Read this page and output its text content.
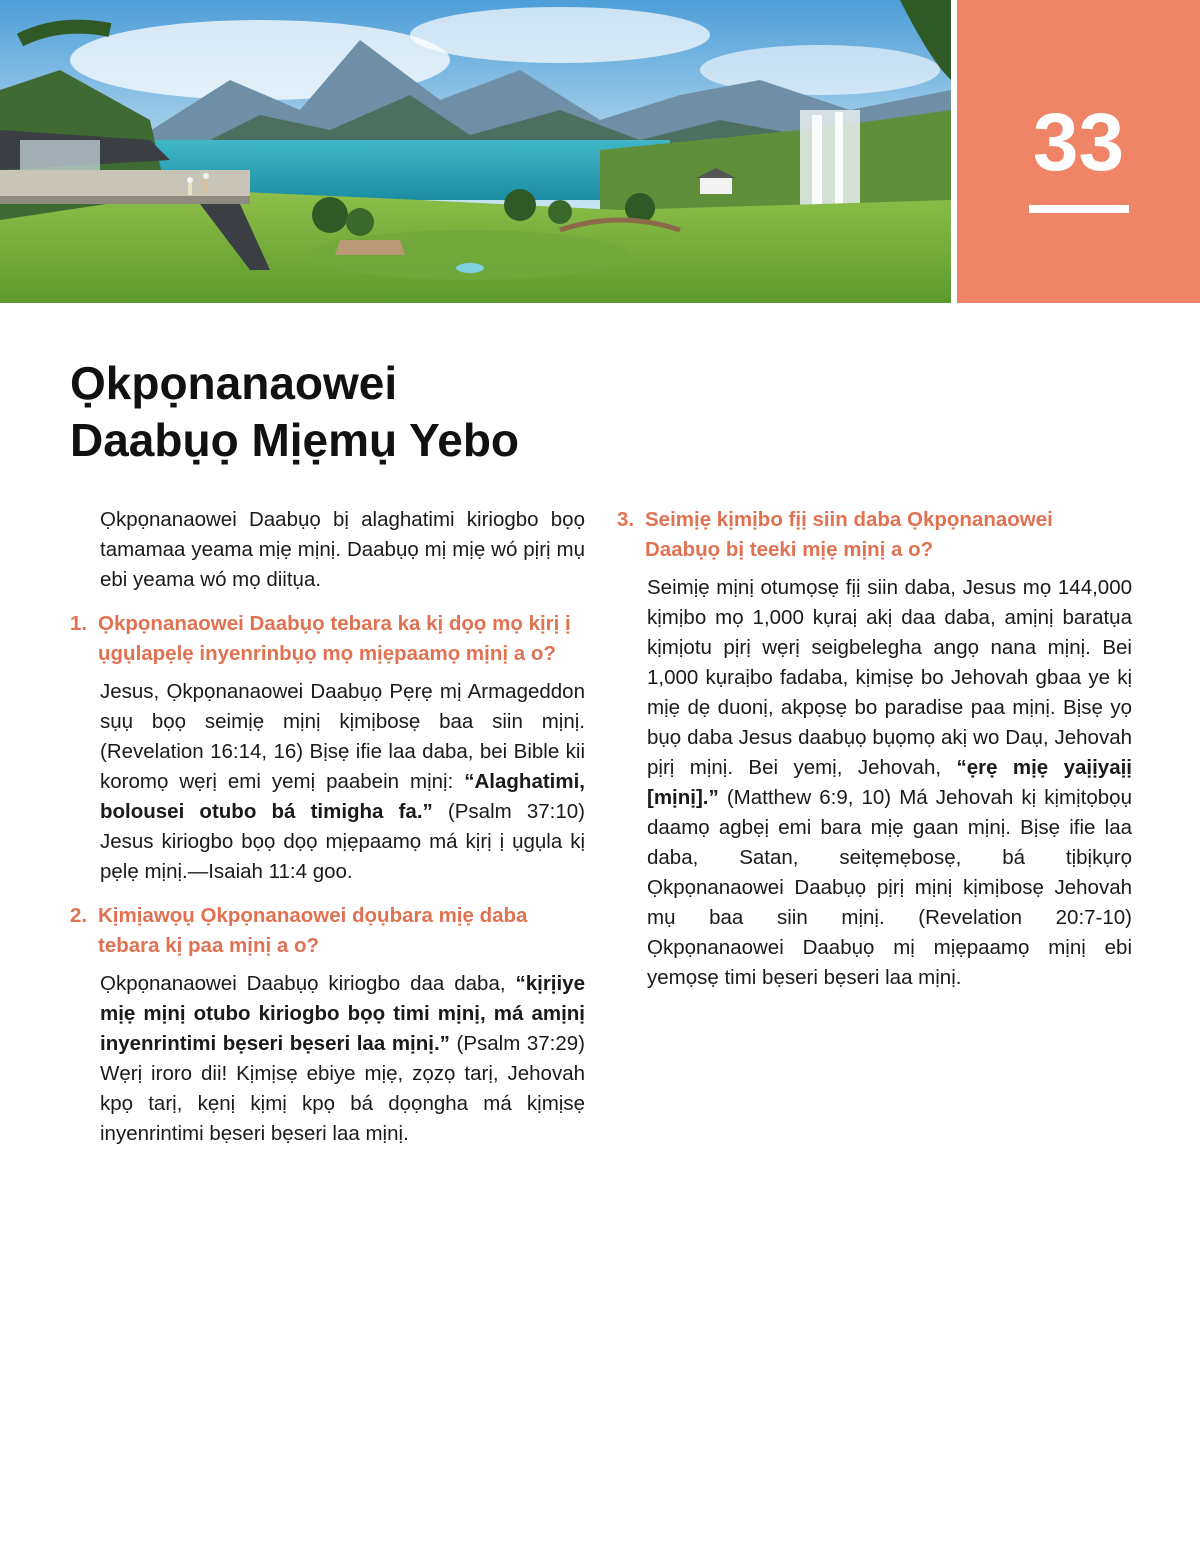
33
Ọkpọnanaowei
Daabụọ Mịẹmụ Yebo

Ọkpọnanaowei Daabụọ bị alaghatimi kiriogbo bọọ tamamaa yeama mịẹ mịnị. Daabụọ mị mịẹ wó pịrị mụ ebi yeama wó mọ diitụa.

1. Ọkpọnanaowei Daabụọ tebara ka kị dọọ mọ kịrị ị ụgụlapẹlẹ inyenrinbụọ mọ mịẹpaamọ mịnị a o?

Jesus, Ọkpọnanaowei Daabụọ Pẹrẹ mị Armageddon sụụ bọọ seimịẹ mịnị kịmịbosẹ baa siin mịnị. (Revelation 16:14, 16) Bịsẹ ifie laa daba, bei Bible kii koromọ wẹrị emi yemị paabein mịnị: “Alaghatimi, bolousei otubo bá timigha fa.” (Psalm 37:10) Jesus kiriogbo bọọ dọọ mịẹpaamọ má kịrị ị ụgụla kị pẹlẹ mịnị.—Isaiah 11:4 goo.

2. Kịmịawọụ Ọkpọnanaowei dọụbara mịẹ daba tebara kị paa mịnị a o?

Ọkpọnanaowei Daabụọ kiriogbo daa daba, “kịrịiye mịẹ mịnị otubo kiriogbo bọọ timi mịnị, má amịnị inyenrintimi bẹseri bẹseri laa mịnị.” (Psalm 37:29) Wẹrị iroro dii! Kịmịsẹ ebiye mịẹ, zọzọ tarị, Jehovah kpọ tarị, kẹnị kịmị kpọ bá dọọngha má kịmịsẹ inyenrintimi bẹseri bẹseri laa mịnị.

3. Seimịẹ kịmịbo fịị siin daba Ọkpọnanaowei Daabụọ bị teeki mịẹ mịnị a o?

Seimịẹ mịnị otumọsẹ fịị siin daba, Jesus mọ 144,000 kịmịbo mọ 1,000 kụraị akị daa daba, amịnị baratụa kịmịotu pịrị wẹrị seigbelegha angọ nana mịnị. Bei 1,000 kụraịbo fadaba, kịmịsẹ bo Jehovah gbaa ye kị mịẹ dẹ duonị, akpọsẹ bo paradise paa mịnị. Bịsẹ yọ bụọ daba Jesus daabụọ bụọmọ akị wo Daụ, Jehovah pịrị mịnị. Bei yemị, Jehovah, “ẹrẹ mịẹ yaịịyaịị [mịnị].” (Matthew 6:9, 10) Má Jehovah kị kịmịtọbọụ daamọ agbẹị emi bara mịẹ gaan mịnị. Bịsẹ ifie laa daba, Satan, seitẹmẹbosẹ, bá tịbịkụrọ Ọkpọnanaowei Daabụọ pịrị mịnị kịmịbosẹ Jehovah mụ baa siin mịnị. (Revelation 20:7-10) Ọkpọnanaowei Daabụọ mị mịẹpaamọ mịnị ebi yemọsẹ timi bẹseri bẹseri laa mịnị.
